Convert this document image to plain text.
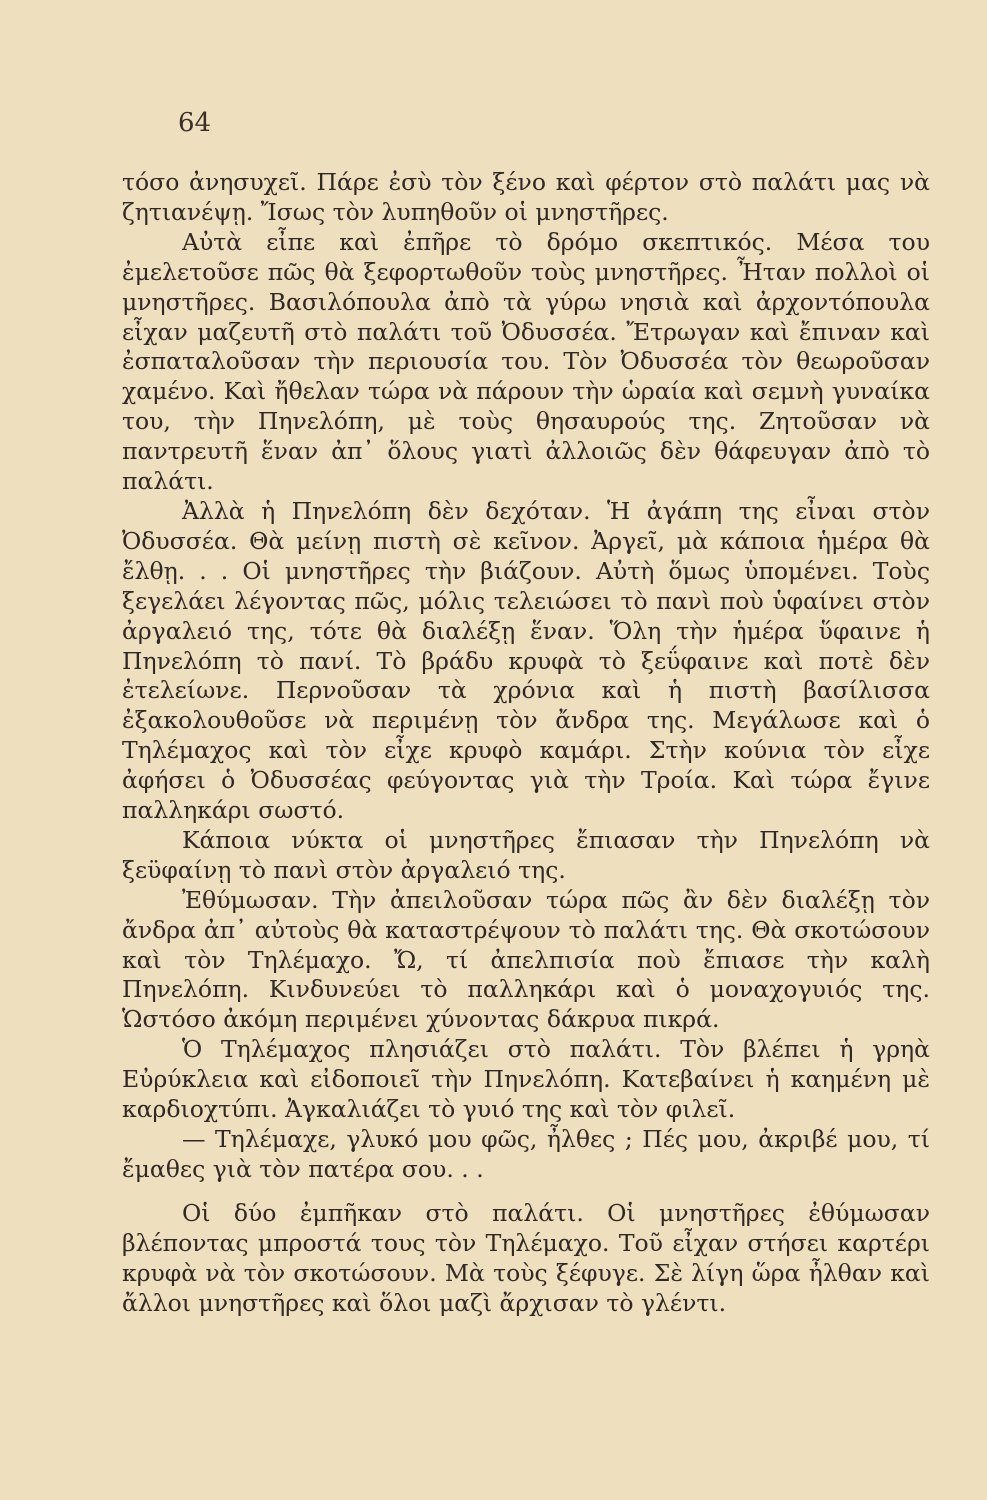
64

τόσο ἀνησυχεῖ. Πάρε ἐσὺ τὸν ξένο καὶ φέρτον στὸ παλάτι μας νὰ ζητιανέψῃ. Ἴσως τὸν λυπηθοῦν οἱ μνηστῆρες.

Αὐτὰ εἶπε καὶ ἐπῆρε τὸ δρόμο σκεπτικός. Μέσα του ἐμελετοῦσε πῶς θὰ ξεφορτωθοῦν τοὺς μνηστῆρες. Ἦταν πολλοὶ οἱ μνηστῆρες. Βασιλόπουλα ἀπὸ τὰ γύρω νησιὰ καὶ ἀρχοντόπουλα εἶχαν μαζευτῆ στὸ παλάτι τοῦ Ὀδυσσέα. Ἔτρωγαν καὶ ἔπιναν καὶ ἐσπαταλοῦσαν τὴν περιουσία του. Τὸν Ὀδυσσέα τὸν θεωροῦσαν χαμένο. Καὶ ἤθελαν τώρα νὰ πάρουν τὴν ὡραία καὶ σεμνὴ γυναίκα του, τὴν Πηνελόπη, μὲ τοὺς θησαυρούς της. Ζητοῦσαν νὰ παντρευτῆ ἕναν ἀπ᾿ ὅλους γιατὶ ἀλλοιῶς δὲν θάφευγαν ἀπὸ τὸ παλάτι.

Ἀλλὰ ἡ Πηνελόπη δὲν δεχόταν. Ἡ ἀγάπη της εἶναι στὸν Ὀδυσσέα. Θὰ μείνῃ πιστὴ σὲ κεῖνον. Ἀργεῖ, μὰ κάποια ἡμέρα θὰ ἔλθῃ. . . Οἱ μνηστῆρες τὴν βιάζουν. Αὐτὴ ὅμως ὑπομένει. Τοὺς ξεγελάει λέγοντας πῶς, μόλις τελειώσει τὸ πανὶ ποὺ ὑφαίνει στὸν ἀργαλειό της, τότε θὰ διαλέξῃ ἕναν. Ὅλη τὴν ἡμέρα ὕφαινε ἡ Πηνελόπη τὸ πανί. Τὸ βράδυ κρυφὰ τὸ ξεΰφαινε καὶ ποτὲ δὲν ἐτελείωνε. Περνοῦσαν τὰ χρόνια καὶ ἡ πιστὴ βασίλισσα ἐξακολουθοῦσε νὰ περιμένῃ τὸν ἄνδρα της. Μεγάλωσε καὶ ὁ Τηλέμαχος καὶ τὸν εἶχε κρυφὸ καμάρι. Στὴν κούνια τὸν εἶχε ἀφήσει ὁ Ὀδυσσέας φεύγοντας γιὰ τὴν Τροία. Καὶ τώρα ἔγινε παλληκάρι σωστό.

Κάποια νύκτα οἱ μνηστῆρες ἔπιασαν τὴν Πηνελόπη νὰ ξεϋφαίνῃ τὸ πανὶ στὸν ἀργαλειό της.

Ἐθύμωσαν. Τὴν ἀπειλοῦσαν τώρα πῶς ἂν δὲν διαλέξῃ τὸν ἄνδρα ἀπ᾿ αὐτοὺς θὰ καταστρέψουν τὸ παλάτι της. Θὰ σκοτώσουν καὶ τὸν Τηλέμαχο. Ὤ, τί ἀπελπισία ποὺ ἔπιασε τὴν καλὴ Πηνελόπη. Κινδυνεύει τὸ παλληκάρι καὶ ὁ μοναχογυιός της. Ὡστόσο ἀκόμη περιμένει χύνοντας δάκρυα πικρά.

Ὁ Τηλέμαχος πλησιάζει στὸ παλάτι. Τὸν βλέπει ἡ γρηὰ Εὐρύκλεια καὶ εἰδοποιεῖ τὴν Πηνελόπη. Κατεβαίνει ἡ καημένη μὲ καρδιοχτύπι. Ἀγκαλιάζει τὸ γυιό της καὶ τὸν φιλεῖ.

— Τηλέμαχε, γλυκό μου φῶς, ἦλθες ; Πές μου, ἀκριβέ μου, τί ἔμαθες γιὰ τὸν πατέρα σου. . .

Οἱ δύο ἐμπῆκαν στὸ παλάτι. Οἱ μνηστῆρες ἐθύμωσαν βλέποντας μπροστά τους τὸν Τηλέμαχο. Τοῦ εἶχαν στήσει καρτέρι κρυφὰ νὰ τὸν σκοτώσουν. Μὰ τοὺς ξέφυγε. Σὲ λίγη ὥρα ἦλθαν καὶ ἄλλοι μνηστῆρες καὶ ὅλοι μαζὶ ἄρχισαν τὸ γλέντι.
